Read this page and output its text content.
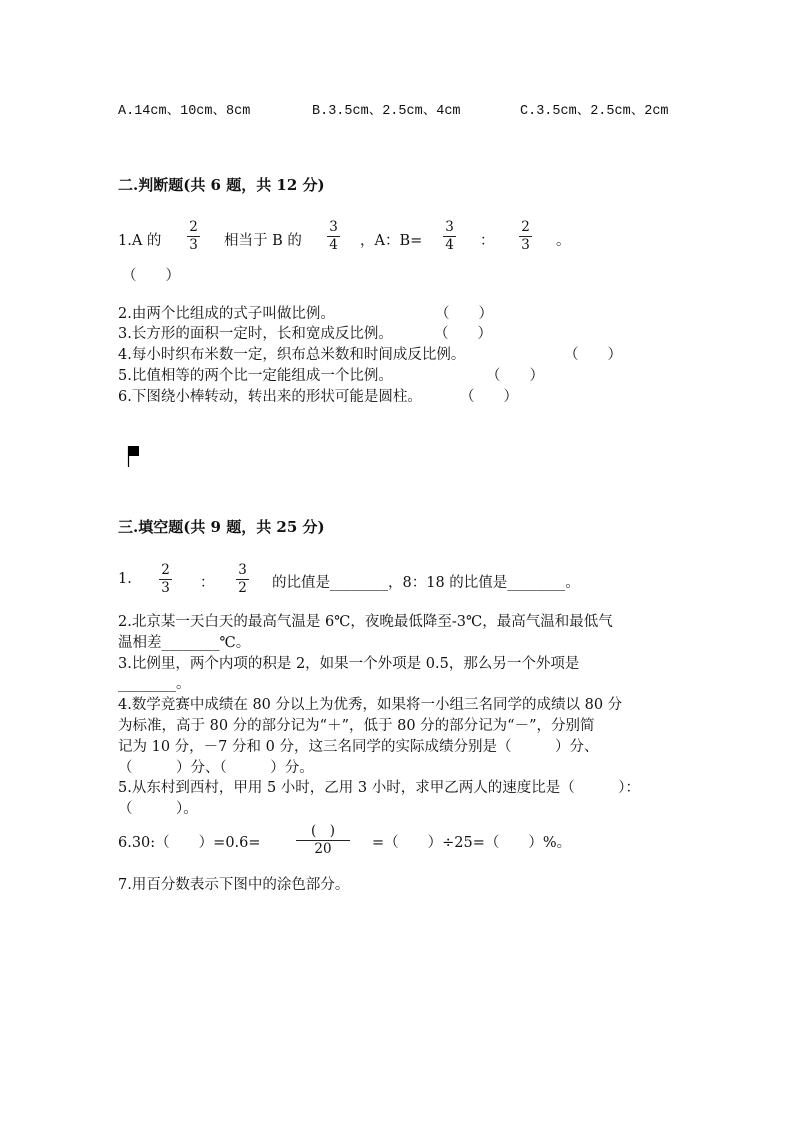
A.14cm、10cm、8cm	B.3.5cm、2.5cm、4cm	C.3.5cm、2.5cm、2cm
二.判断题(共 6 题，共 12 分)
1.A 的
2
3 相当于 B 的
3
4 ，A：B=
3
4 ：
2
3 。
（　　）
2.由两个比组成的式子叫做比例。	（　　）
3.长方形的面积一定时，长和宽成反比例。	（　　）
4.每小时织布米数一定，织布总米数和时间成反比例。	（　　）
5.比值相等的两个比一定能组成一个比例。	（　　）
6.下图绕小棒转动，转出来的形状可能是圆柱。	（　　）
三.填空题(共 9 题，共 25 分)
1.
2
3 ：
3
2 的比值是________，8：18 的比值是________。
2.北京某一天白天的最高气温是 6℃，夜晚最低降至-3℃，最高气温和最低气
温相差________℃。
3.比例里，两个内项的积是 2，如果一个外项是 0.5，那么另一个外项是
________。
4.数学竞赛中成绩在 80 分以上为优秀，如果将一小组三名同学的成绩以 80 分
为标准，高于 80 分的部分记为“＋”，低于 80 分的部分记为“－”，分别简
记为 10 分，－7 分和 0 分，这三名同学的实际成绩分别是（　　　）分、
（　　　）分、（　　　）分。
5.从东村到西村，甲用 5 小时，乙用 3 小时，求甲乙两人的速度比是（　　　）：
（　　　）。
6.30:（　　）=0.6=
(　)
20	=（　　）÷25=（　　）%。
7.用百分数表示下图中的涂色部分。
